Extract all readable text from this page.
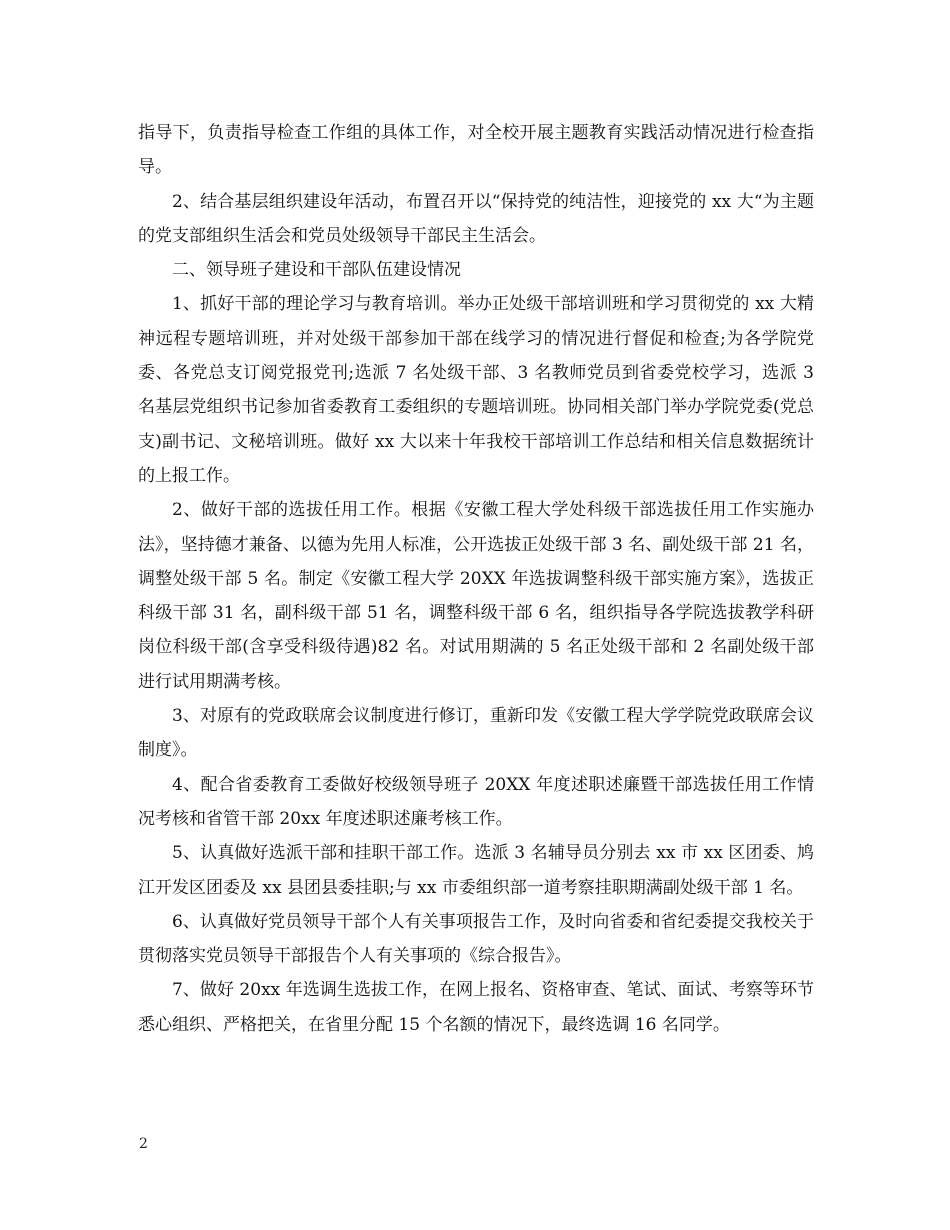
指导下，负责指导检查工作组的具体工作，对全校开展主题教育实践活动情况进行检查指导。

2、结合基层组织建设年活动，布置召开以“保持党的纯洁性，迎接党的 xx 大“为主题的党支部组织生活会和党员处级领导干部民主生活会。

二、领导班子建设和干部队伍建设情况

1、抓好干部的理论学习与教育培训。举办正处级干部培训班和学习贯彻党的 xx 大精神远程专题培训班，并对处级干部参加干部在线学习的情况进行督促和检查;为各学院党委、各党总支订阅党报党刊;选派 7 名处级干部、3 名教师党员到省委党校学习，选派 3 名基层党组织书记参加省委教育工委组织的专题培训班。协同相关部门举办学院党委(党总支)副书记、文秘培训班。做好 xx 大以来十年我校干部培训工作总结和相关信息数据统计的上报工作。

2、做好干部的选拔任用工作。根据《安徽工程大学处科级干部选拔任用工作实施办法》，坚持德才兼备、以德为先用人标准，公开选拔正处级干部 3 名、副处级干部 21 名，调整处级干部 5 名。制定《安徽工程大学 20XX 年选拔调整科级干部实施方案》，选拔正科级干部 31 名，副科级干部 51 名，调整科级干部 6 名，组织指导各学院选拔教学科研岗位科级干部(含享受科级待遇)82 名。对试用期满的 5 名正处级干部和 2 名副处级干部进行试用期满考核。

3、对原有的党政联席会议制度进行修订，重新印发《安徽工程大学学院党政联席会议制度》。

4、配合省委教育工委做好校级领导班子 20XX 年度述职述廉暨干部选拔任用工作情况考核和省管干部 20xx 年度述职述廉考核工作。

5、认真做好选派干部和挂职干部工作。选派 3 名辅导员分别去 xx 市 xx 区团委、鸠江开发区团委及 xx 县团县委挂职;与 xx 市委组织部一道考察挂职期满副处级干部 1 名。

6、认真做好党员领导干部个人有关事项报告工作，及时向省委和省纪委提交我校关于贯彻落实党员领导干部报告个人有关事项的《综合报告》。

7、做好 20xx 年选调生选拔工作，在网上报名、资格审查、笔试、面试、考察等环节悉心组织、严格把关，在省里分配 15 个名额的情况下，最终选调 16 名同学。

2
